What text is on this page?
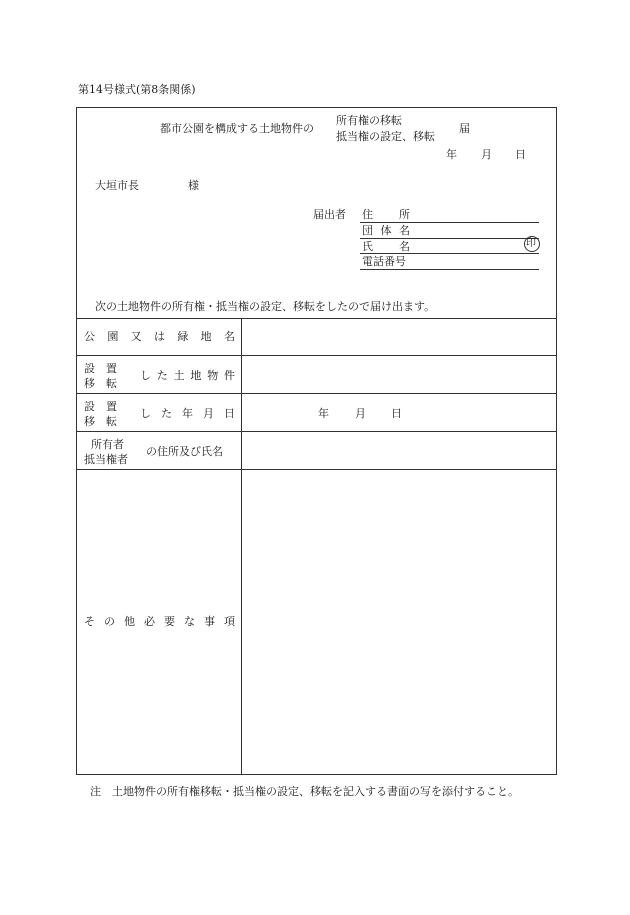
第14号様式(第8条関係)
都市公園を構成する土地物件の
所有権の移転
抵当権の設定、移転
届
年 月 日
大垣市長	様
届出者 住 所
団 体 名
氏 名	印
電話番号
次の土地物件の所有権・抵当権の設定、移転をしたので届け出ます。
公 園 又 は 緑 地 名
設　置
移　転
し た 土 地 物 件
設　置
移　転
し た 年 月 日	年 月 日
所有者
抵当権者
の住所及び氏名
そ の 他 必 要 な 事 項
注　土地物件の所有権移転・抵当権の設定、移転を記入する書面の写を添付すること。
